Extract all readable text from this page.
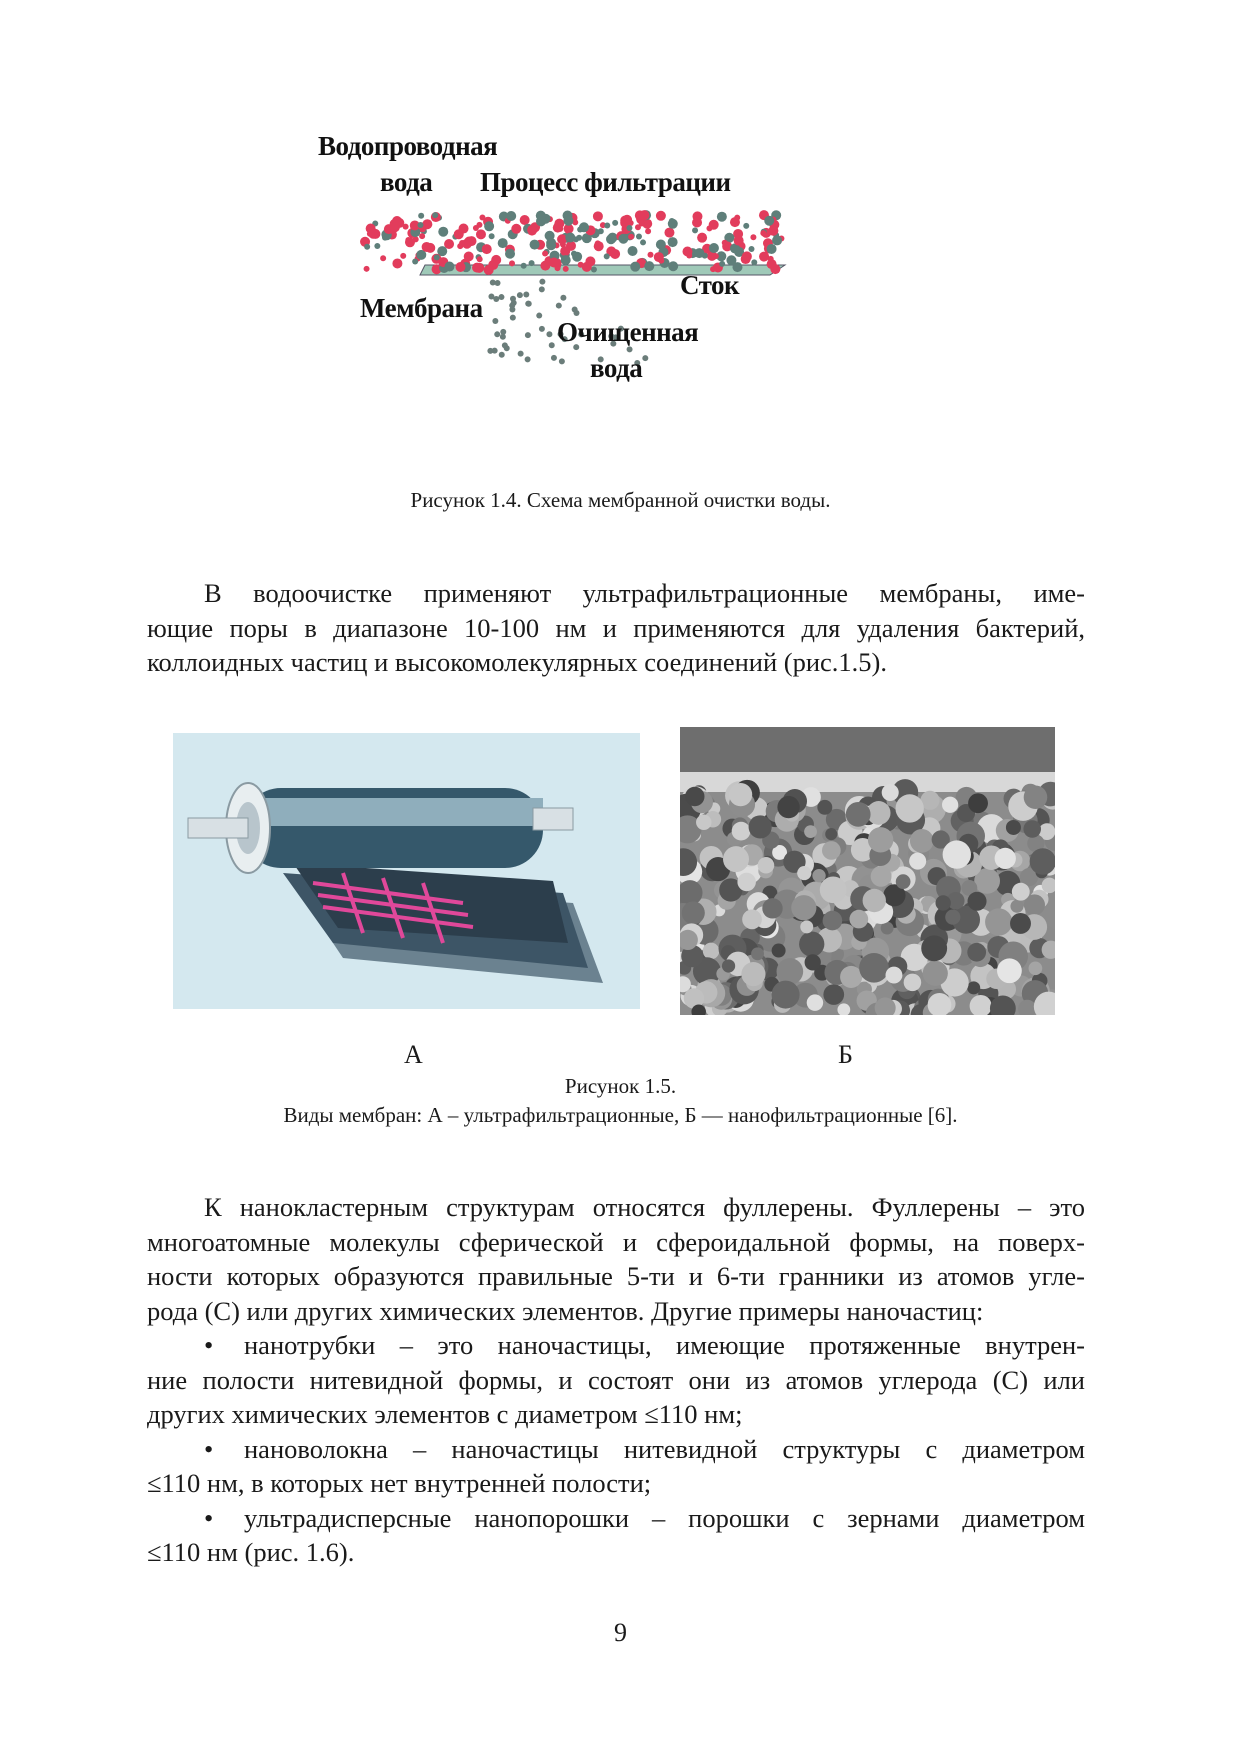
Водопроводная
вода Процесс фильтрации
Сток
Мембрана
Очищенная
вода
Рисунок 1.4. Схема мембранной очистки воды.
В водоочистке применяют ультрафильтрационные мембраны, име-
ющие поры в диапазоне 10-100 нм и применяются для удаления бактерий,
коллоидных частиц и высокомолекулярных соединений (рис.1.5).
А	Б
Рисунок 1.5.
Виды мембран: А – ультрафильтрационные, Б — нанофильтрационные [6].
К нанокластерным структурам относятся фуллерены. Фуллерены – это
многоатомные молекулы сферической и сфероидальной формы, на поверх-
ности которых образуются правильные 5-ти и 6-ти гранники из атомов угле-
рода (С) или других химических элементов. Другие примеры наночастиц:
• нанотрубки – это наночастицы, имеющие протяженные внутрен-
ние полости нитевидной формы, и состоят они из атомов углерода (С) или
других химических элементов с диаметром ≤110 нм;
• нановолокна – наночастицы нитевидной структуры с диаметром
≤110 нм, в которых нет внутренней полости;
• ультрадисперсные нанопорошки – порошки с зернами диаметром
≤110 нм (рис. 1.6).
9
